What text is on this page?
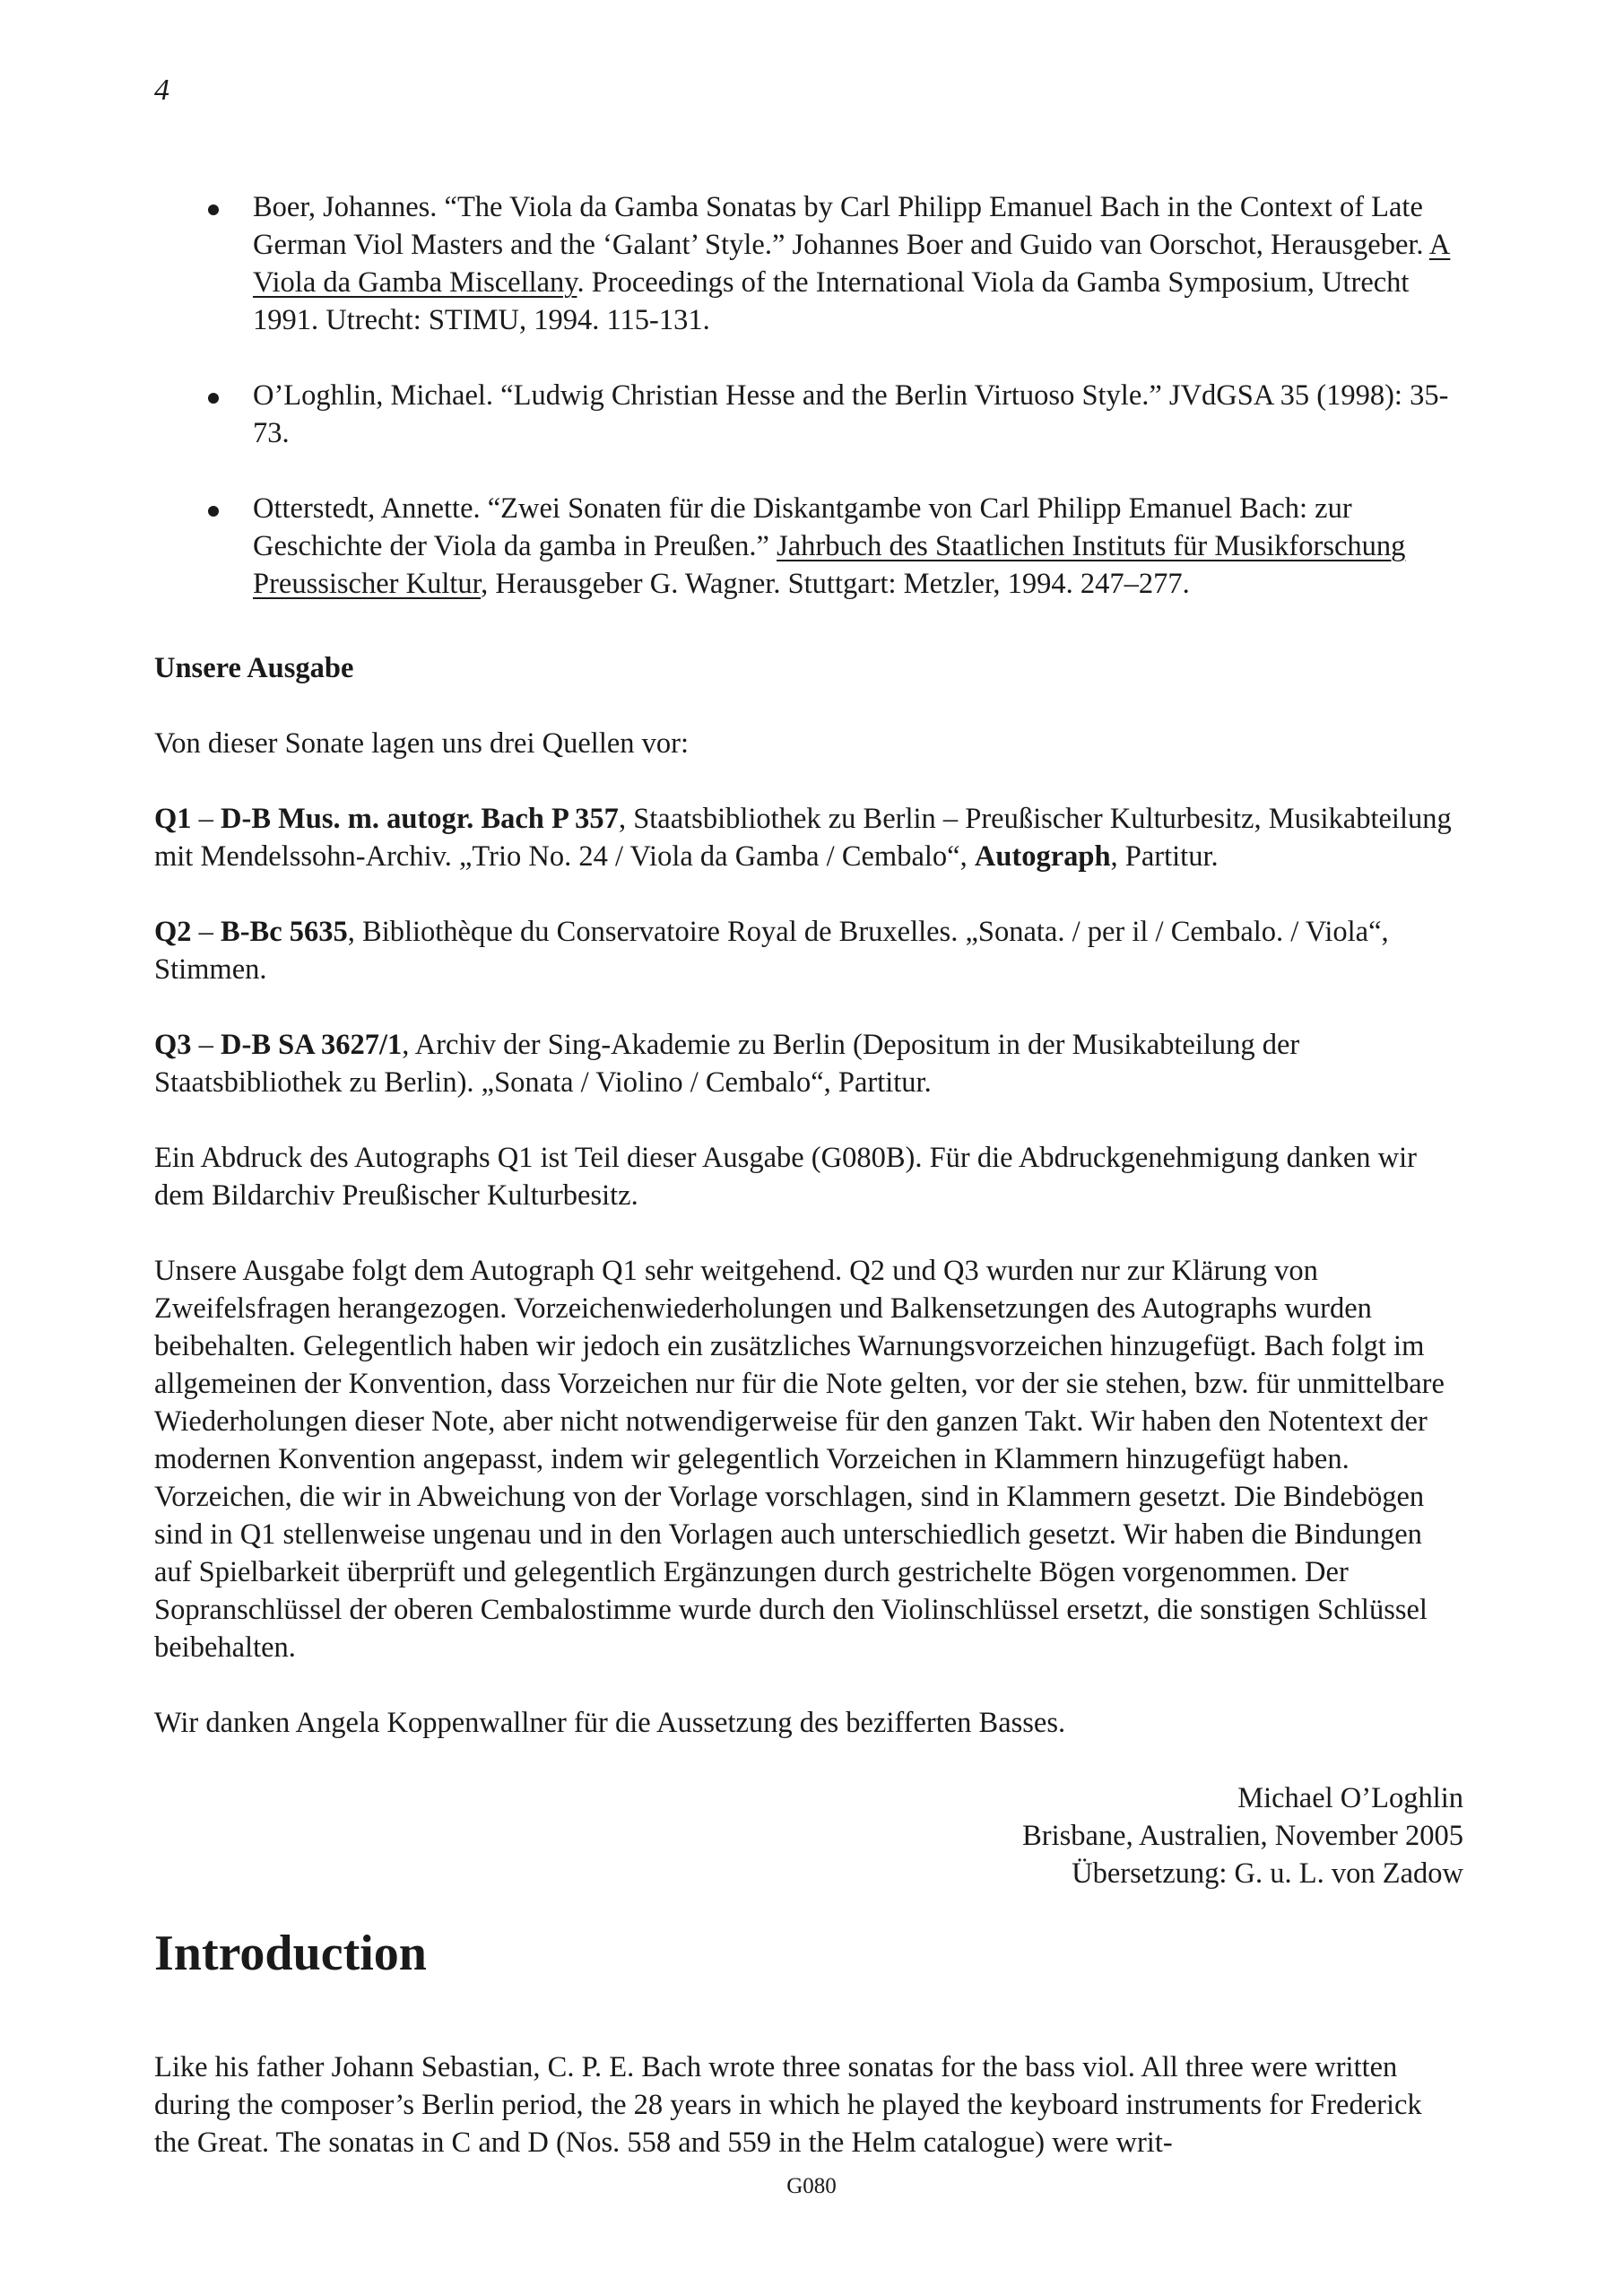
4
Boer, Johannes. “The Viola da Gamba Sonatas by Carl Philipp Emanuel Bach in the Context of Late German Viol Masters and the ‘Galant’ Style.” Johannes Boer and Guido van Oorschot, Herausgeber. A Viola da Gamba Miscellany. Proceedings of the International Viola da Gamba Symposium, Utrecht 1991. Utrecht: STIMU, 1994. 115-131.
O’Loghlin, Michael. “Ludwig Christian Hesse and the Berlin Virtuoso Style.” JVdGSA 35 (1998): 35-73.
Otterstedt, Annette. “Zwei Sonaten für die Diskantgambe von Carl Philipp Emanuel Bach: zur Geschichte der Viola da gamba in Preußen.” Jahrbuch des Staatlichen Instituts für Musikforschung Preussischer Kultur, Herausgeber G. Wagner. Stuttgart: Metzler, 1994. 247–277.
Unsere Ausgabe

Von dieser Sonate lagen uns drei Quellen vor:

Q1 – D-B Mus. m. autogr. Bach P 357, Staatsbibliothek zu Berlin – Preußischer Kulturbesitz, Musikabteilung mit Mendelssohn-Archiv. „Trio No. 24 / Viola da Gamba / Cembalo“, Autograph, Partitur.

Q2 – B-Bc 5635, Bibliothèque du Conservatoire Royal de Bruxelles. „Sonata. / per il / Cembalo. / Viola“, Stimmen.

Q3 – D-B SA 3627/1, Archiv der Sing-Akademie zu Berlin (Depositum in der Musikabteilung der Staatsbibliothek zu Berlin). „Sonata / Violino / Cembalo“, Partitur.

Ein Abdruck des Autographs Q1 ist Teil dieser Ausgabe (G080B). Für die Abdruckgenehmigung danken wir dem Bildarchiv Preußischer Kulturbesitz.

Unsere Ausgabe folgt dem Autograph Q1 sehr weitgehend. Q2 und Q3 wurden nur zur Klärung von Zweifelsfragen herangezogen. Vorzeichenwiederholungen und Balkensetzungen des Autographs wurden beibehalten. Gelegentlich haben wir jedoch ein zusätzliches Warnungsvorzeichen hinzugefügt. Bach folgt im allgemeinen der Konvention, dass Vorzeichen nur für die Note gelten, vor der sie stehen, bzw. für unmittelbare Wiederholungen dieser Note, aber nicht notwendigerweise für den ganzen Takt. Wir haben den Notentext der modernen Konvention angepasst, indem wir gelegentlich Vorzeichen in Klammern hinzugefügt haben. Vorzeichen, die wir in Abweichung von der Vorlage vorschlagen, sind in Klammern gesetzt. Die Bindebögen sind in Q1 stellenweise ungenau und in den Vorlagen auch unterschiedlich gesetzt. Wir haben die Bindungen auf Spielbarkeit überprüft und gelegentlich Ergänzungen durch gestrichelte Bögen vorgenommen. Der Sopranschlüssel der oberen Cembalostimme wurde durch den Violinschlüssel ersetzt, die sonstigen Schlüssel beibehalten.

Wir danken Angela Koppenwallner für die Aussetzung des bezifferten Basses.

Michael O’Loghlin
Brisbane, Australien, November 2005
Übersetzung: G. u. L. von Zadow
Introduction

Like his father Johann Sebastian, C. P. E. Bach wrote three sonatas for the bass viol. All three were written during the composer’s Berlin period, the 28 years in which he played the keyboard instruments for Frederick the Great. The sonatas in C and D (Nos. 558 and 559 in the Helm catalogue) were writ-

G080
